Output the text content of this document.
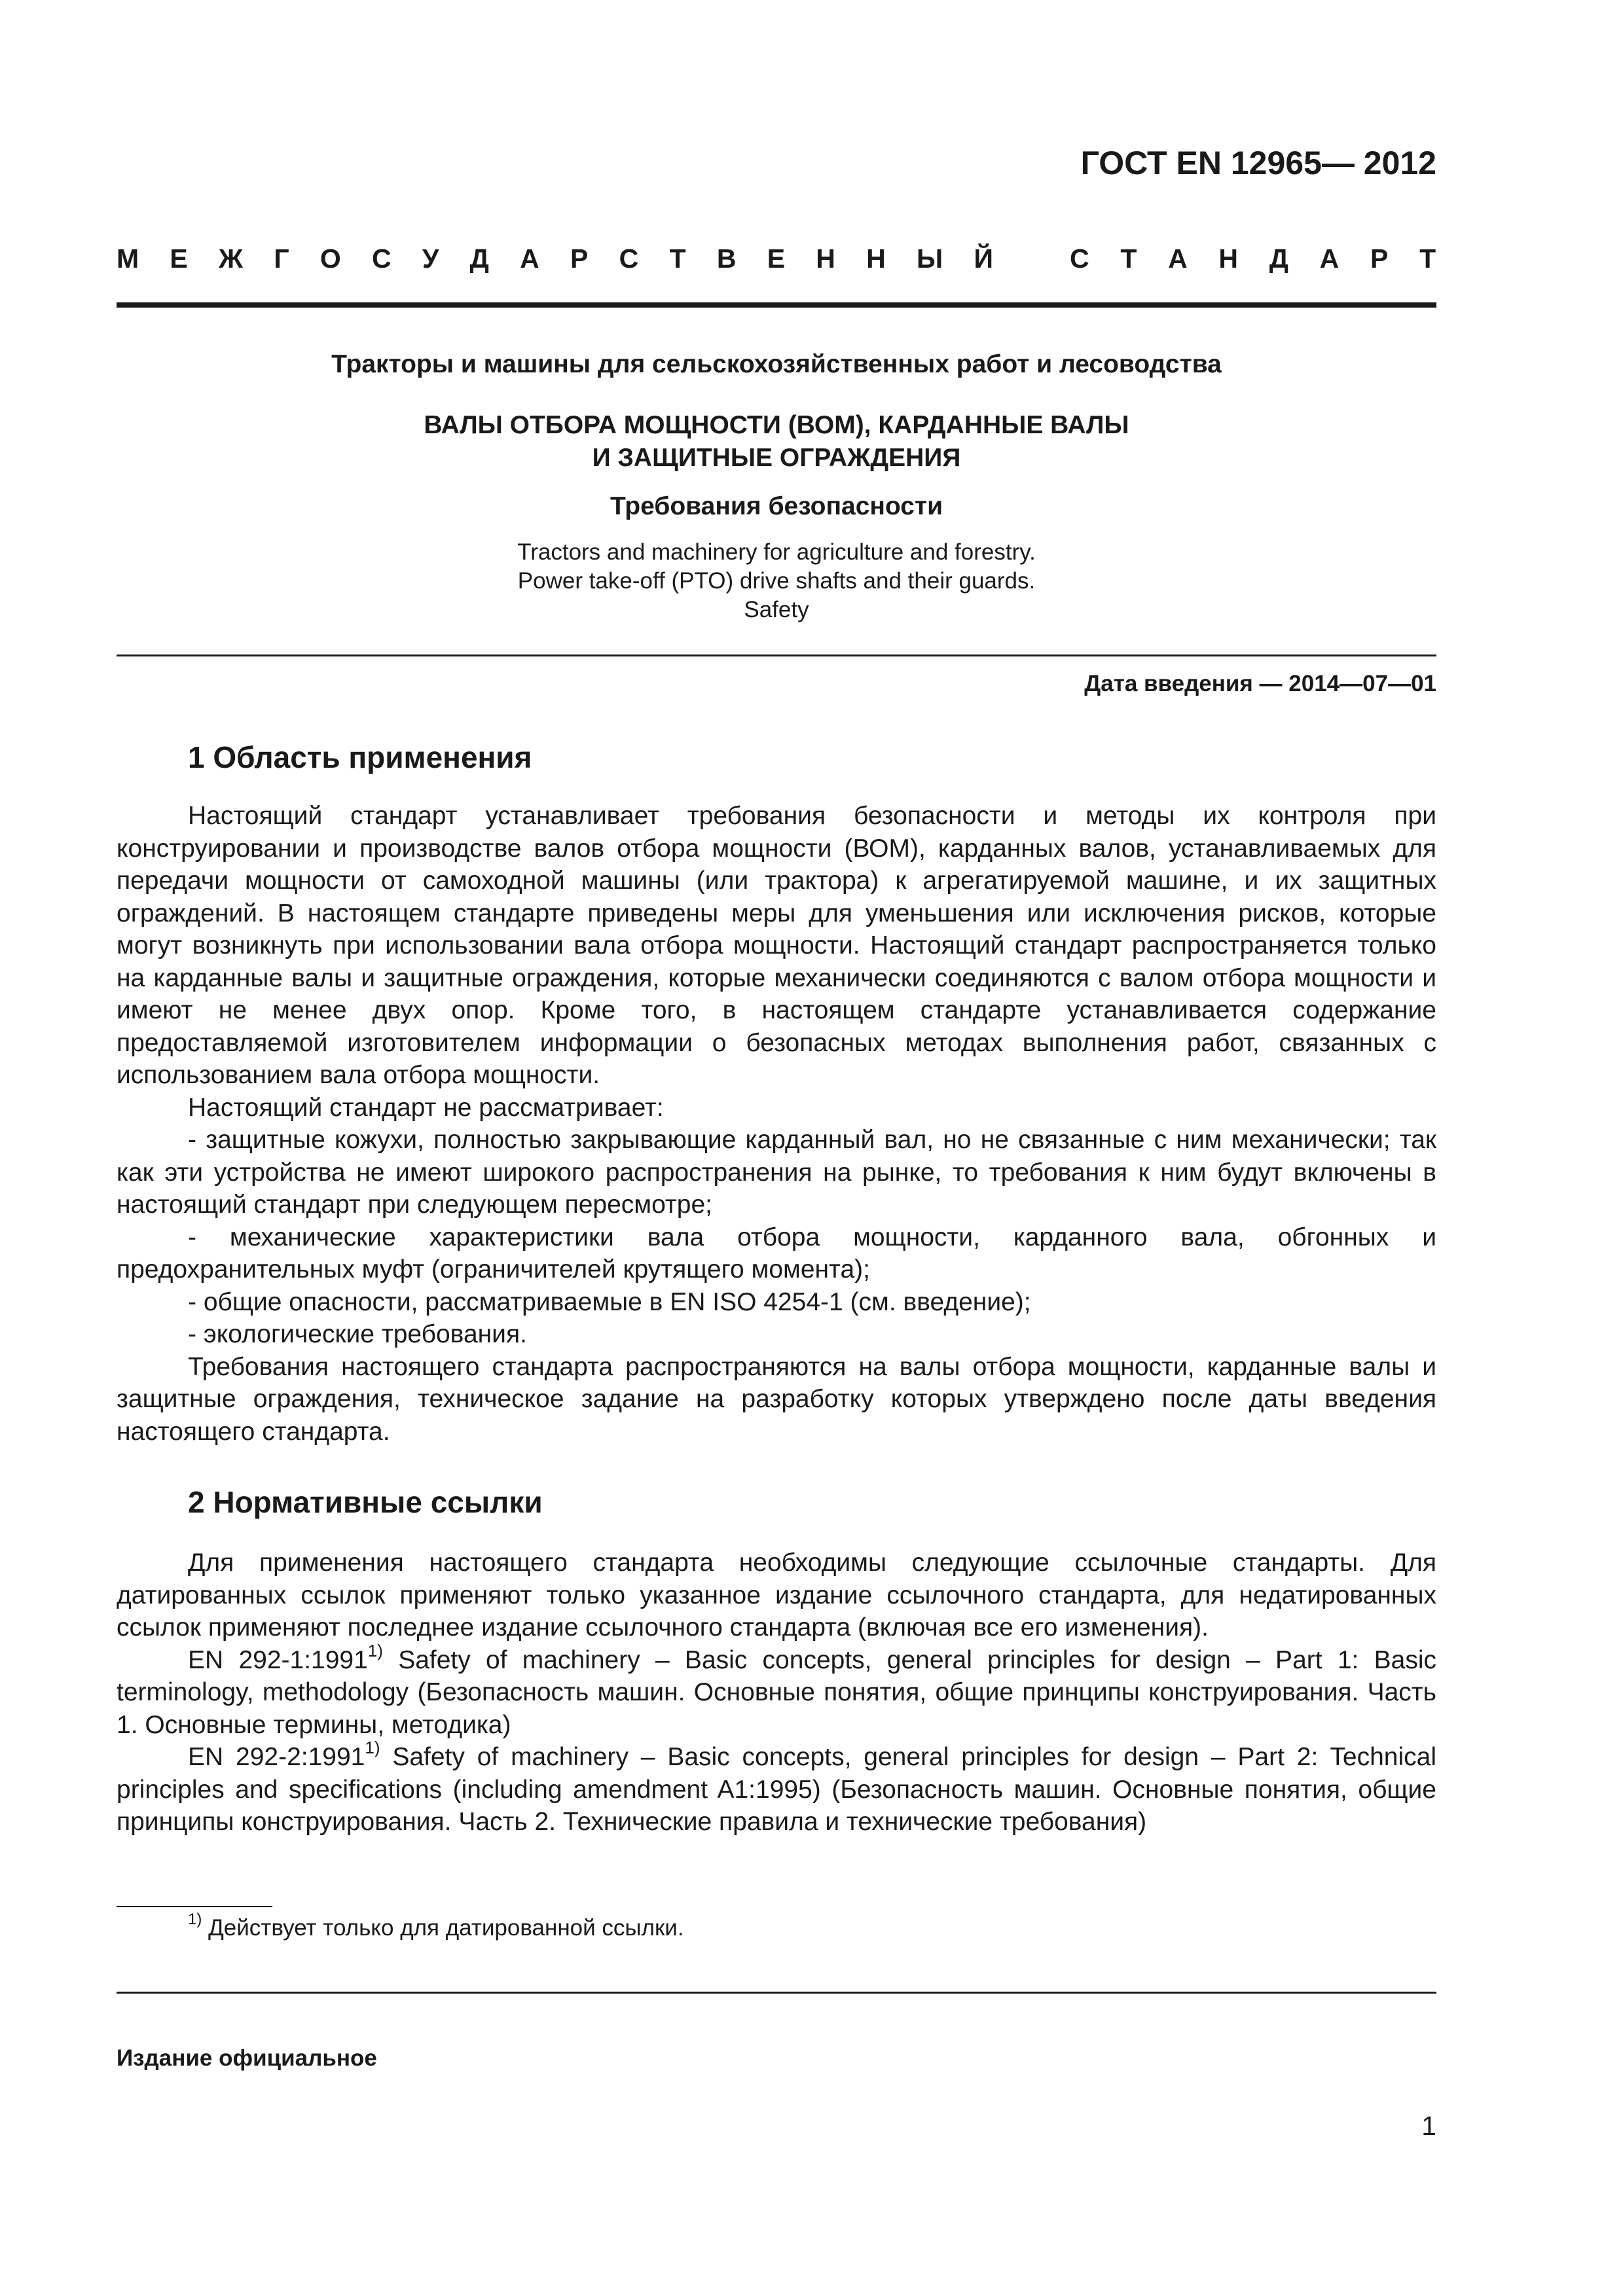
ГОСТ EN 12965— 2012
М Е Ж Г О С У Д А Р С Т В Е Н Н Ы Й	С Т А Н Д А Р Т
Тракторы и машины для сельскохозяйственных работ и лесоводства
ВАЛЫ ОТБОРА МОЩНОСТИ (ВОМ), КАРДАННЫЕ ВАЛЫ
И ЗАЩИТНЫЕ ОГРАЖДЕНИЯ
Требования безопасности
Tractors and machinery for agriculture and forestry.
Power take-off (PTO) drive shafts and their guards.
Safety
Дата введения — 2014—07—01
1 Область применения

Настоящий стандарт устанавливает требования безопасности и методы их контроля при конструировании и производстве валов отбора мощности (ВОМ), карданных валов, устанавливаемых для передачи мощности от самоходной машины (или трактора) к агрегатируемой машине, и их защитных ограждений. В настоящем стандарте приведены меры для уменьшения или исключения рисков, которые могут возникнуть при использовании вала отбора мощности. Настоящий стандарт распространяется только на карданные валы и защитные ограждения, которые механически соединяются с валом отбора мощности и имеют не менее двух опор. Кроме того, в настоящем стандарте устанавливается содержание предоставляемой изготовителем информации о безопасных методах выполнения работ, связанных с использованием вала отбора мощности.

Настоящий стандарт не рассматривает:

- защитные кожухи, полностью закрывающие карданный вал, но не связанные с ним механически; так как эти устройства не имеют широкого распространения на рынке, то требования к ним будут включены в настоящий стандарт при следующем пересмотре;

- механические характеристики вала отбора мощности, карданного вала, обгонных и предохранительных муфт (ограничителей крутящего момента);

- общие опасности, рассматриваемые в EN ISO 4254-1 (см. введение);

- экологические требования.

Требования настоящего стандарта распространяются на валы отбора мощности, карданные валы и защитные ограждения, техническое задание на разработку которых утверждено после даты введения настоящего стандарта.

2 Нормативные ссылки

Для применения настоящего стандарта необходимы следующие ссылочные стандарты. Для датированных ссылок применяют только указанное издание ссылочного стандарта, для недатированных ссылок применяют последнее издание ссылочного стандарта (включая все его изменения).

EN 292-1:1991$^{1)}$ Safety of machinery – Basic concepts, general principles for design – Part 1: Basic terminology, methodology (Безопасность машин. Основные понятия, общие принципы конструирования. Часть 1. Основные термины, методика)

EN 292-2:1991$^{1)}$ Safety of machinery – Basic concepts, general principles for design – Part 2: Technical principles and specifications (including amendment A1:1995) (Безопасность машин. Основные понятия, общие принципы конструирования. Часть 2. Технические правила и технические требования)

$^{1)}$ Действует только для датированной ссылки.
Издание официальное
1
